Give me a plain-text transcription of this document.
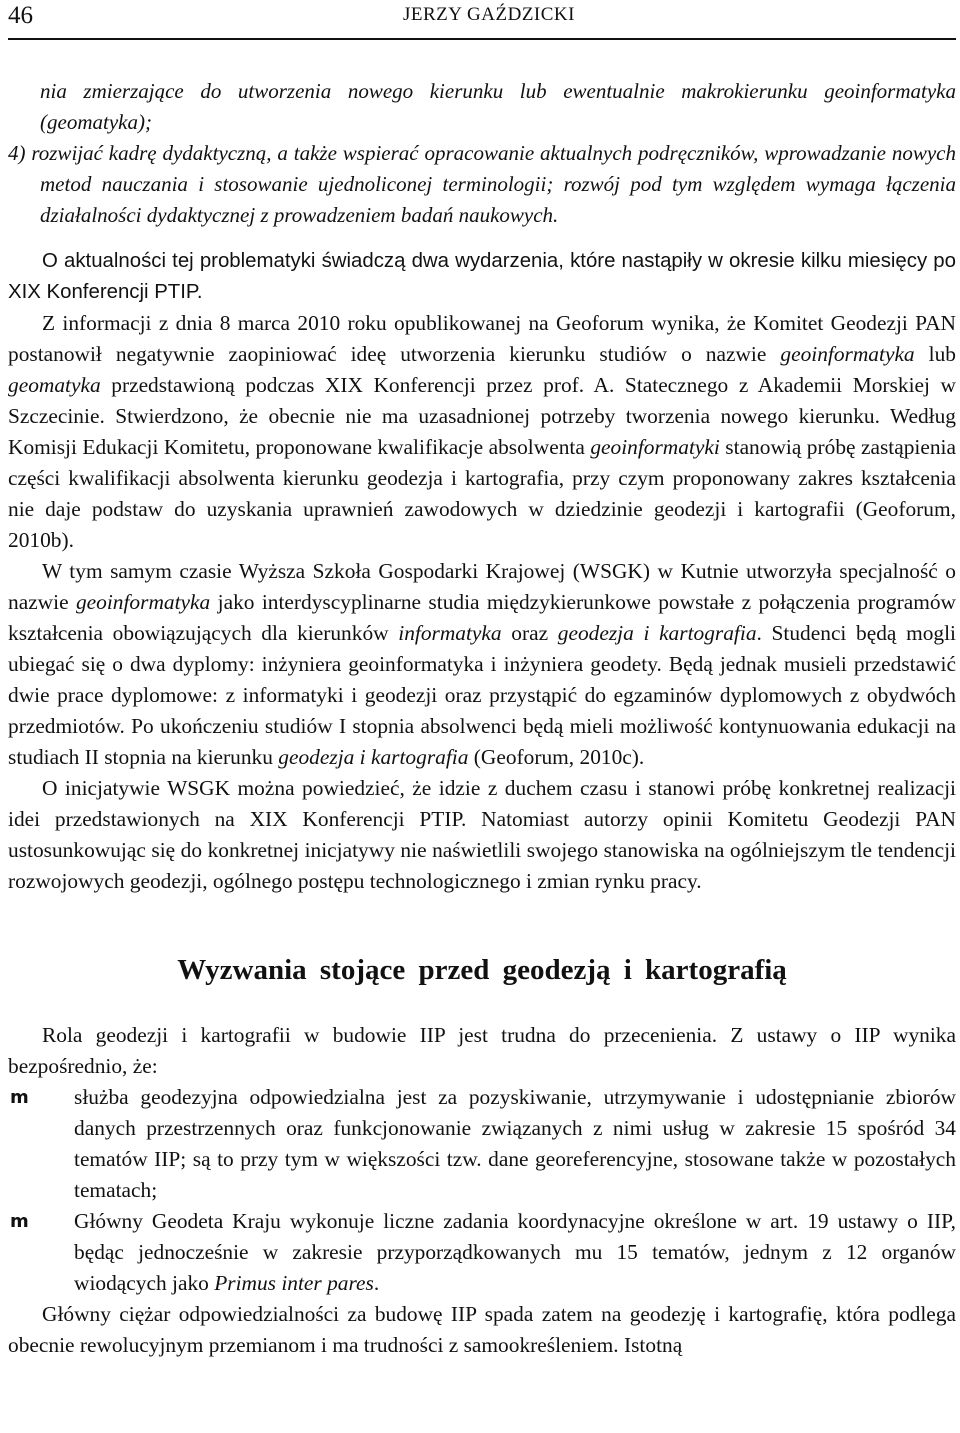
46	JERZY GAŹDZICKI

nia zmierzające do utworzenia nowego kierunku lub ewentualnie makrokierunku geoinformatyka (geomatyka);

4) rozwijać kadrę dydaktyczną, a także wspierać opracowanie aktualnych podręczników, wprowadzanie nowych metod nauczania i stosowanie ujednoliconej terminologii; rozwój pod tym względem wymaga łączenia działalności dydaktycznej z prowadzeniem badań naukowych.

O aktualności tej problematyki świadczą dwa wydarzenia, które nastąpiły w okresie kilku miesięcy po XIX Konferencji PTIP.

Z informacji z dnia 8 marca 2010 roku opublikowanej na Geoforum wynika, że Komitet Geodezji PAN postanowił negatywnie zaopiniować ideę utworzenia kierunku studiów o nazwie geoinformatyka lub geomatyka przedstawioną podczas XIX Konferencji przez prof. A. Statecznego z Akademii Morskiej w Szczecinie. Stwierdzono, że obecnie nie ma uzasadnionej potrzeby tworzenia nowego kierunku. Według Komisji Edukacji Komitetu, proponowane kwalifikacje absolwenta geoinformatyki stanowią próbę zastąpienia części kwalifikacji absolwenta kierunku geodezja i kartografia, przy czym proponowany zakres kształcenia nie daje podstaw do uzyskania uprawnień zawodowych w dziedzinie geodezji i kartografii (Geoforum, 2010b).

W tym samym czasie Wyższa Szkoła Gospodarki Krajowej (WSGK) w Kutnie utworzyła specjalność o nazwie geoinformatyka jako interdyscyplinarne studia międzykierunkowe powstałe z połączenia programów kształcenia obowiązujących dla kierunków informatyka oraz geodezja i kartografia. Studenci będą mogli ubiegać się o dwa dyplomy: inżyniera geoinformatyka i inżyniera geodety. Będą jednak musieli przedstawić dwie prace dyplomowe: z informatyki i geodezji oraz przystąpić do egzaminów dyplomowych z obydwóch przedmiotów. Po ukończeniu studiów I stopnia absolwenci będą mieli możliwość kontynuowania edukacji na studiach II stopnia na kierunku geodezja i kartografia (Geoforum, 2010c).

O inicjatywie WSGK można powiedzieć, że idzie z duchem czasu i stanowi próbę konkretnej realizacji idei przedstawionych na XIX Konferencji PTIP. Natomiast autorzy opinii Komitetu Geodezji PAN ustosunkowując się do konkretnej inicjatywy nie naświetlili swojego stanowiska na ogólniejszym tle tendencji rozwojowych geodezji, ogólnego postępu technologicznego i zmian rynku pracy.

Wyzwania stojące przed geodezją i kartografią

Rola geodezji i kartografii w budowie IIP jest trudna do przecenienia. Z ustawy o IIP wynika bezpośrednio, że:

m służba geodezyjna odpowiedzialna jest za pozyskiwanie, utrzymywanie i udostępnianie zbiorów danych przestrzennych oraz funkcjonowanie związanych z nimi usług w zakresie 15 spośród 34 tematów IIP; są to przy tym w większości tzw. dane georeferencyjne, stosowane także w pozostałych tematach;
m Główny Geodeta Kraju wykonuje liczne zadania koordynacyjne określone w art. 19 ustawy o IIP, będąc jednocześnie w zakresie przyporządkowanych mu 15 tematów, jednym z 12 organów wiodących jako Primus inter pares.

Główny ciężar odpowiedzialności za budowę IIP spada zatem na geodezję i kartografię, która podlega obecnie rewolucyjnym przemianom i ma trudności z samookreśleniem. Istotną
